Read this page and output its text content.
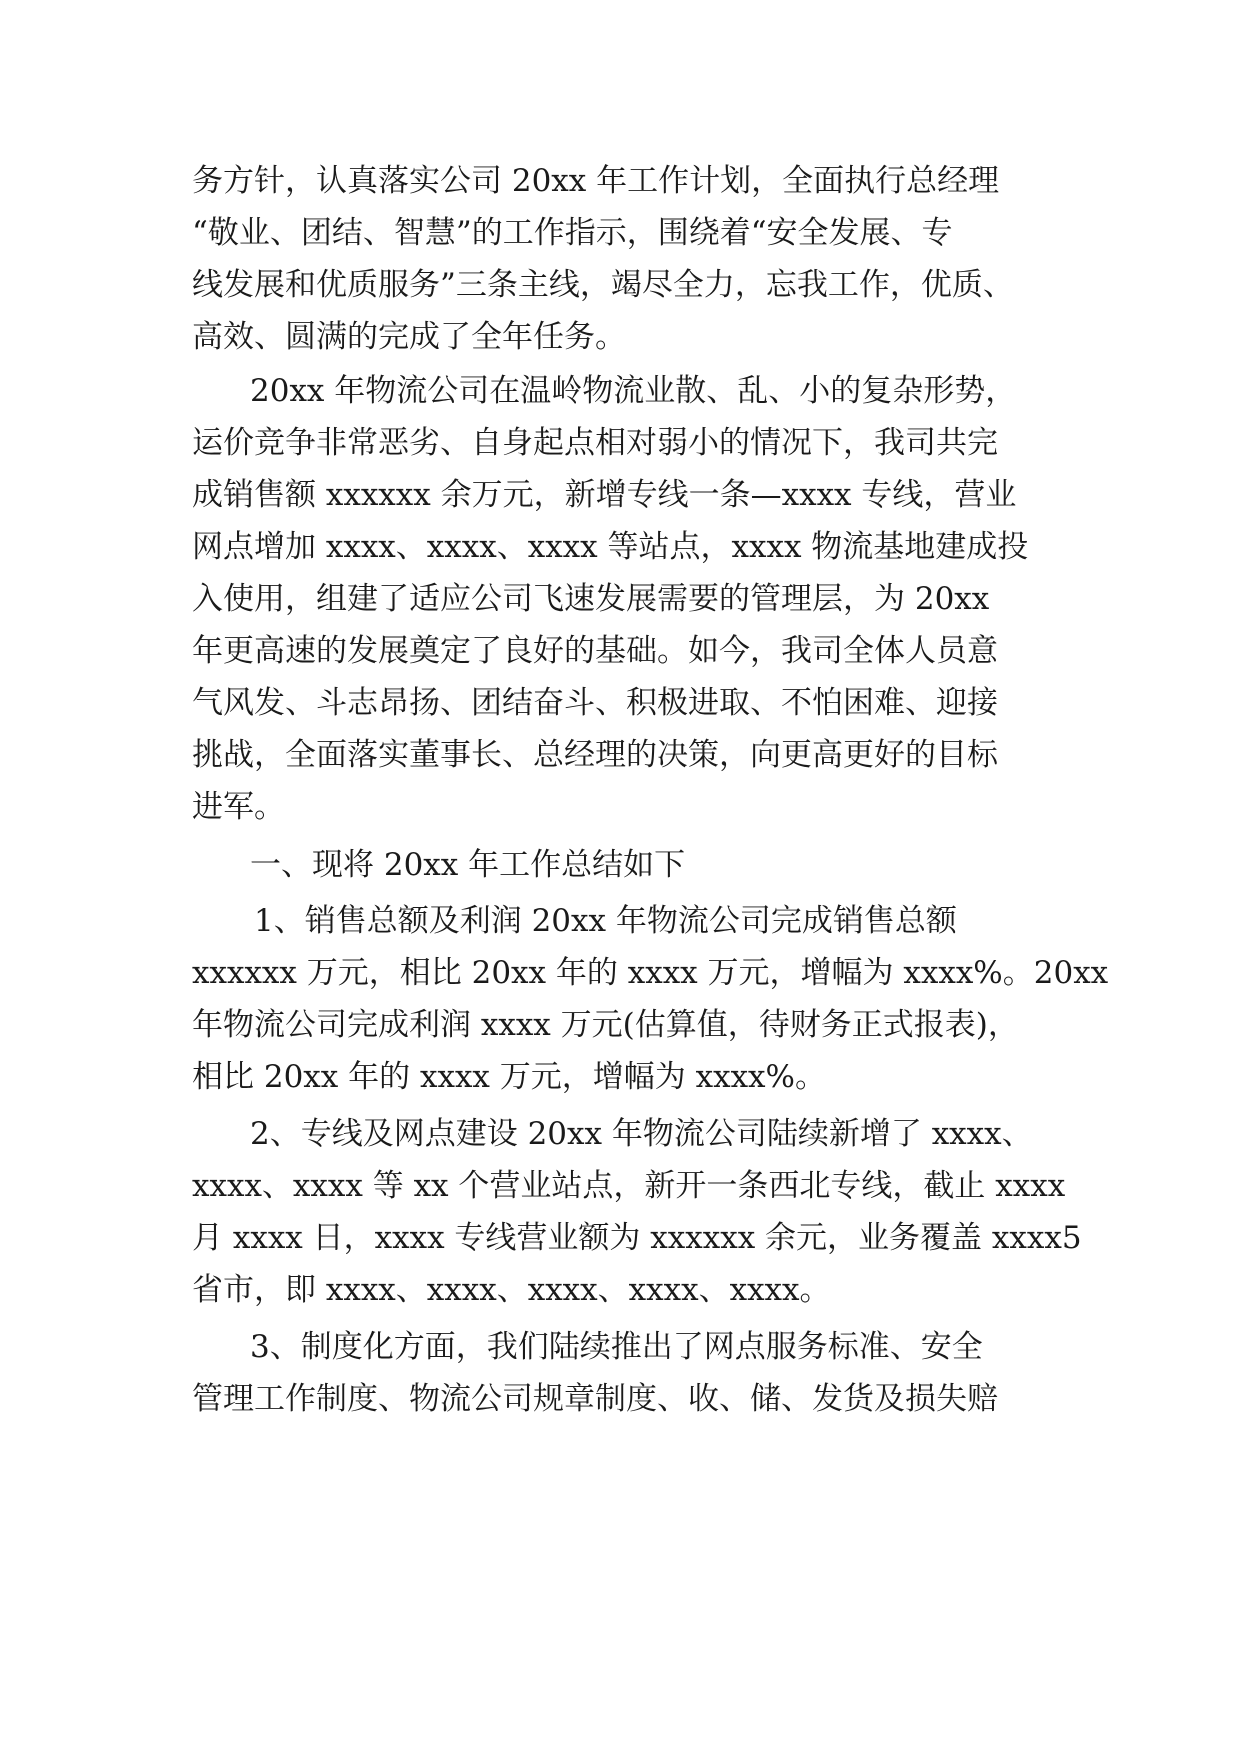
务方针，认真落实公司 20xx 年工作计划，全面执行总经理
“敬业、团结、智慧”的工作指示，围绕着“安全发展、专
线发展和优质服务”三条主线，竭尽全力，忘我工作，优质、
高效、圆满的完成了全年任务。
20xx 年物流公司在温岭物流业散、乱、小的复杂形势，
运价竞争非常恶劣、自身起点相对弱小的情况下，我司共完
成销售额 xxxxxx 余万元，新增专线一条—xxxx 专线，营业
网点增加 xxxx、xxxx、xxxx 等站点，xxxx 物流基地建成投
入使用，组建了适应公司飞速发展需要的管理层，为 20xx
年更高速的发展奠定了良好的基础。如今，我司全体人员意
气风发、斗志昂扬、团结奋斗、积极进取、不怕困难、迎接
挑战，全面落实董事长、总经理的决策，向更高更好的目标
进军。
一、现将 20xx 年工作总结如下
1、销售总额及利润 20xx 年物流公司完成销售总额
xxxxxx 万元，相比 20xx 年的 xxxx 万元，增幅为 xxxx%。20xx
年物流公司完成利润 xxxx 万元(估算值，待财务正式报表)，
相比 20xx 年的 xxxx 万元，增幅为 xxxx%。
2、专线及网点建设 20xx 年物流公司陆续新增了 xxxx、
xxxx、xxxx 等 xx 个营业站点，新开一条西北专线，截止 xxxx
月 xxxx 日，xxxx 专线营业额为 xxxxxx 余元，业务覆盖 xxxx5
省市，即 xxxx、xxxx、xxxx、xxxx、xxxx。
3、制度化方面，我们陆续推出了网点服务标准、安全
管理工作制度、物流公司规章制度、收、储、发货及损失赔
